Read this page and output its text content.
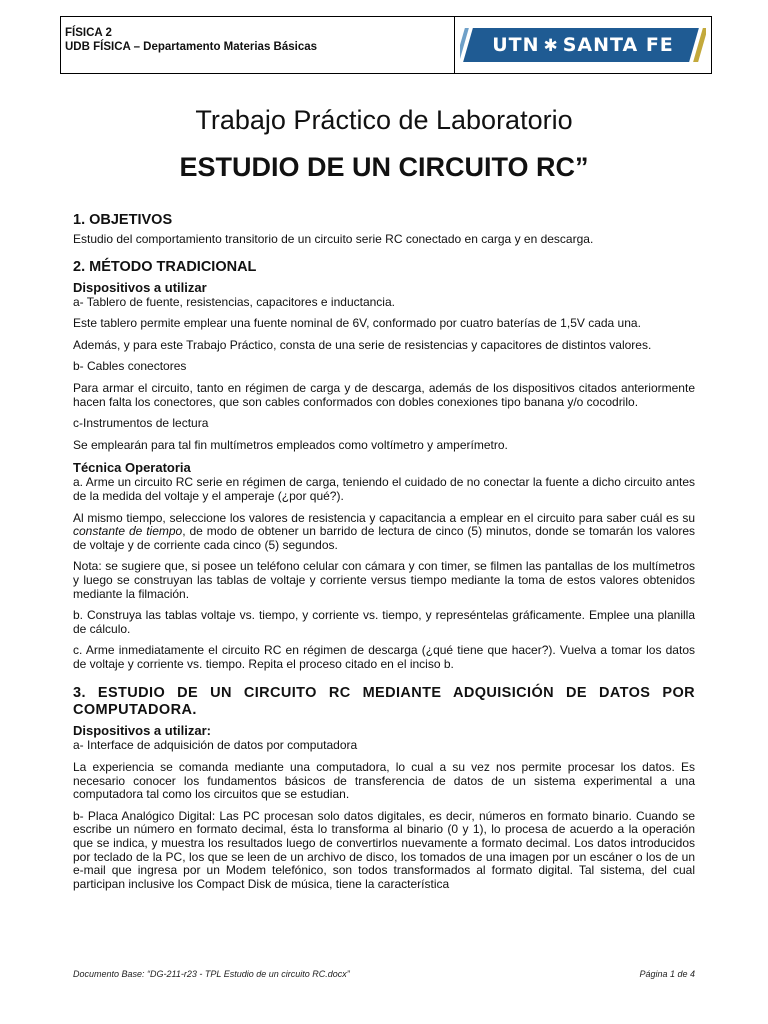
FÍSICA 2
UDB FÍSICA – Departamento Materias Básicas	UTN ✱ SANTA FE
Trabajo Práctico de Laboratorio
ESTUDIO DE UN CIRCUITO RC”
1. OBJETIVOS

Estudio del comportamiento transitorio de un circuito serie RC conectado en carga y en descarga.

2. MÉTODO TRADICIONAL
Dispositivos a utilizar

a- Tablero de fuente, resistencias, capacitores e inductancia.

Este tablero permite emplear una fuente nominal de 6V, conformado por cuatro baterías de 1,5V cada una.

Además, y para este Trabajo Práctico, consta de una serie de resistencias y capacitores de distintos valores.

b- Cables conectores

Para armar el circuito, tanto en régimen de carga y de descarga, además de los dispositivos citados anteriormente hacen falta los conectores, que son cables conformados con dobles conexiones tipo banana y/o cocodrilo.

c-Instrumentos de lectura

Se emplearán para tal fin multímetros empleados como voltímetro y amperímetro.

Técnica Operatoria

a. Arme un circuito RC serie en régimen de carga, teniendo el cuidado de no conectar la fuente a dicho circuito antes de la medida del voltaje y el amperaje (¿por qué?).

Al mismo tiempo, seleccione los valores de resistencia y capacitancia a emplear en el circuito para saber cuál es su constante de tiempo, de modo de obtener un barrido de lectura de cinco (5) minutos, donde se tomarán los valores de voltaje y de corriente cada cinco (5) segundos.

Nota: se sugiere que, si posee un teléfono celular con cámara y con timer, se filmen las pantallas de los multímetros y luego se construyan las tablas de voltaje y corriente versus tiempo mediante la toma de estos valores obtenidos mediante la filmación.

b. Construya las tablas voltaje vs. tiempo, y corriente vs. tiempo, y represéntelas gráficamente. Emplee una planilla de cálculo.

c. Arme inmediatamente el circuito RC en régimen de descarga (¿qué tiene que hacer?). Vuelva a tomar los datos de voltaje y corriente vs. tiempo. Repita el proceso citado en el inciso b.

3. ESTUDIO DE UN CIRCUITO RC MEDIANTE ADQUISICIÓN DE DATOS POR COMPUTADORA.
Dispositivos a utilizar:

a- Interface de adquisición de datos por computadora

La experiencia se comanda mediante una computadora, lo cual a su vez nos permite procesar los datos. Es necesario conocer los fundamentos básicos de transferencia de datos de un sistema experimental a una computadora tal como los circuitos que se estudian.

b- Placa Analógico Digital: Las PC procesan solo datos digitales, es decir, números en formato binario. Cuando se escribe un número en formato decimal, ésta lo transforma al binario (0 y 1), lo procesa de acuerdo a la operación que se indica, y muestra los resultados luego de convertirlos nuevamente a formato decimal. Los datos introducidos por teclado de la PC, los que se leen de un archivo de disco, los tomados de una imagen por un escáner o los de un e-mail que ingresa por un Modem telefónico, son todos transformados al formato digital. Tal sistema, del cual participan inclusive los Compact Disk de música, tiene la característica

Documento Base: “DG-211-r23 - TPL Estudio de un circuito RC.docx”	Página 1 de 4
